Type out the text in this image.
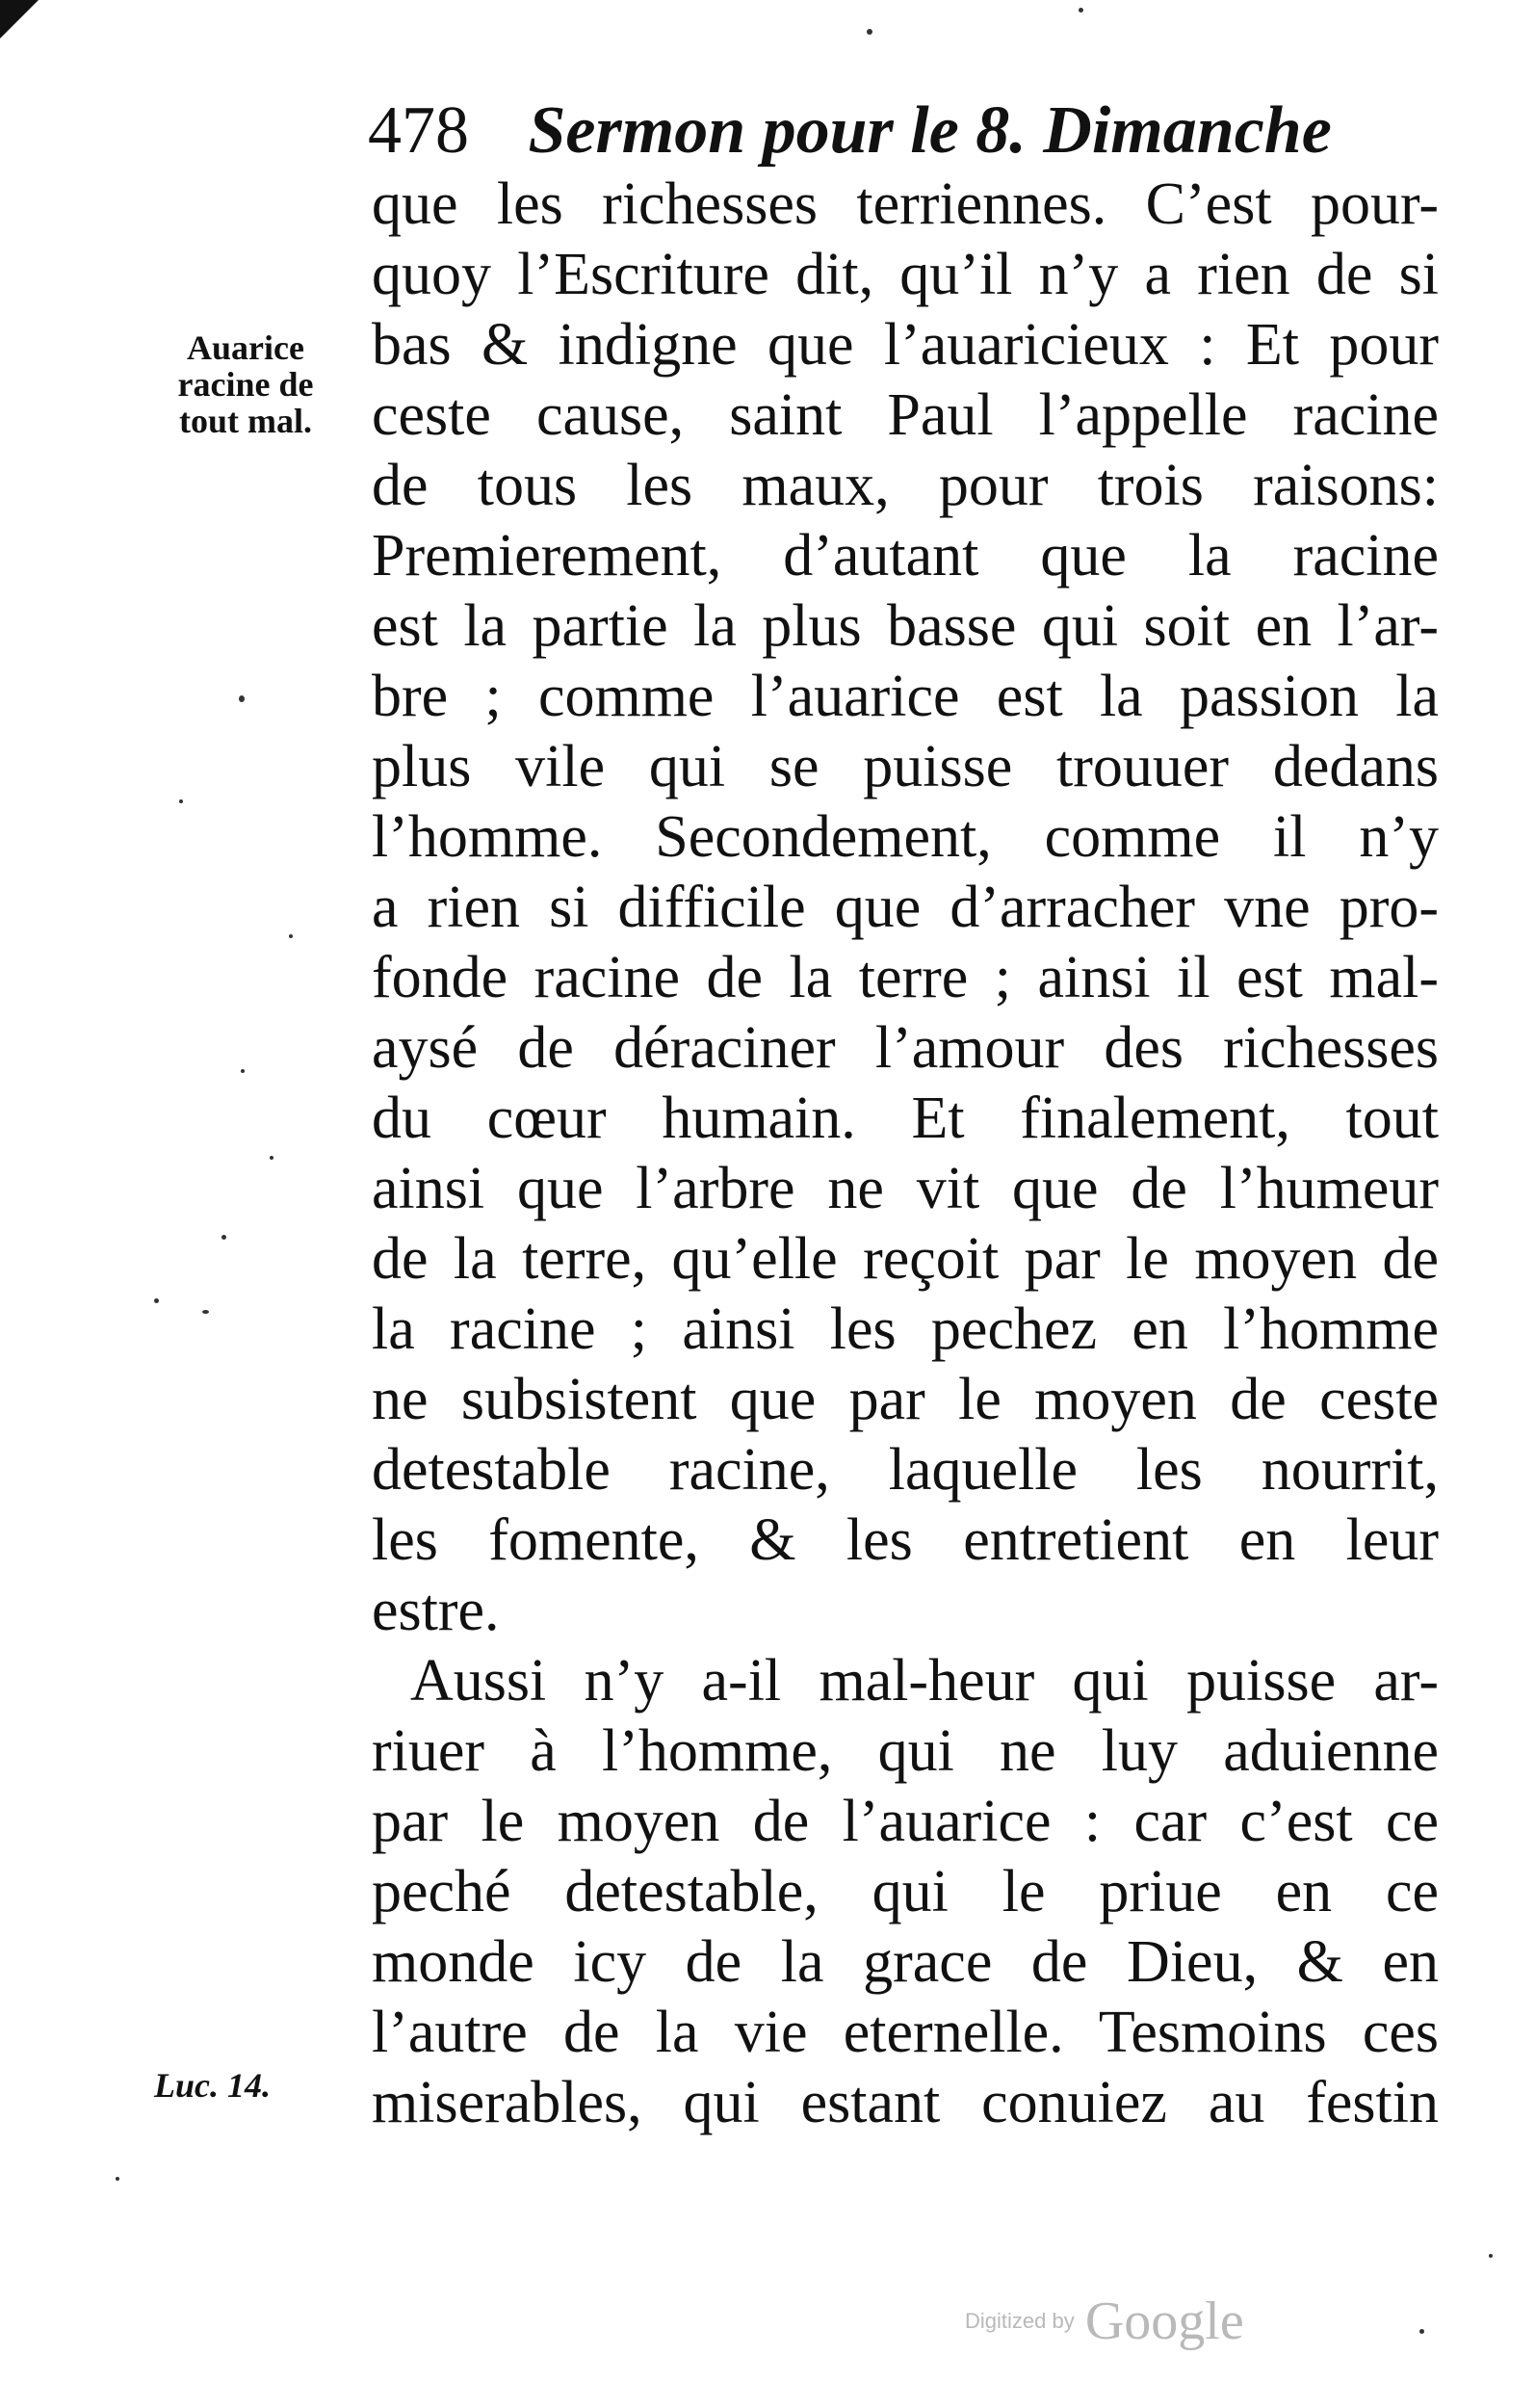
478 Sermon pour le 8. Dimanche
Auarice
racine de
tout mal.
Luc. 14.
que les richesses terriennes. C’est pour-
quoy l’Escriture dit, qu’il n’y a rien de si
bas & indigne que l’auaricieux : Et pour
ceste cause, saint Paul l’appelle racine
de tous les maux, pour trois raisons:
Premierement, d’autant que la racine
est la partie la plus basse qui soit en l’ar-
bre ; comme l’auarice est la passion la
plus vile qui se puisse trouuer dedans
l’homme. Secondement, comme il n’y
a rien si difficile que d’arracher vne pro-
fonde racine de la terre ; ainsi il est mal-
aysé de déraciner l’amour des richesses
du cœur humain. Et finalement, tout
ainsi que l’arbre ne vit que de l’humeur
de la terre, qu’elle reçoit par le moyen de
la racine ; ainsi les pechez en l’homme
ne subsistent que par le moyen de ceste
detestable racine, laquelle les nourrit,
les fomente, & les entretient en leur
estre.
Aussi n’y a-il mal-heur qui puisse ar-
riuer à l’homme, qui ne luy aduienne
par le moyen de l’auarice : car c’est ce
peché detestable, qui le priue en ce
monde icy de la grace de Dieu, & en
l’autre de la vie eternelle. Tesmoins ces
miserables, qui estant conuiez au festin
Digitized by Google
